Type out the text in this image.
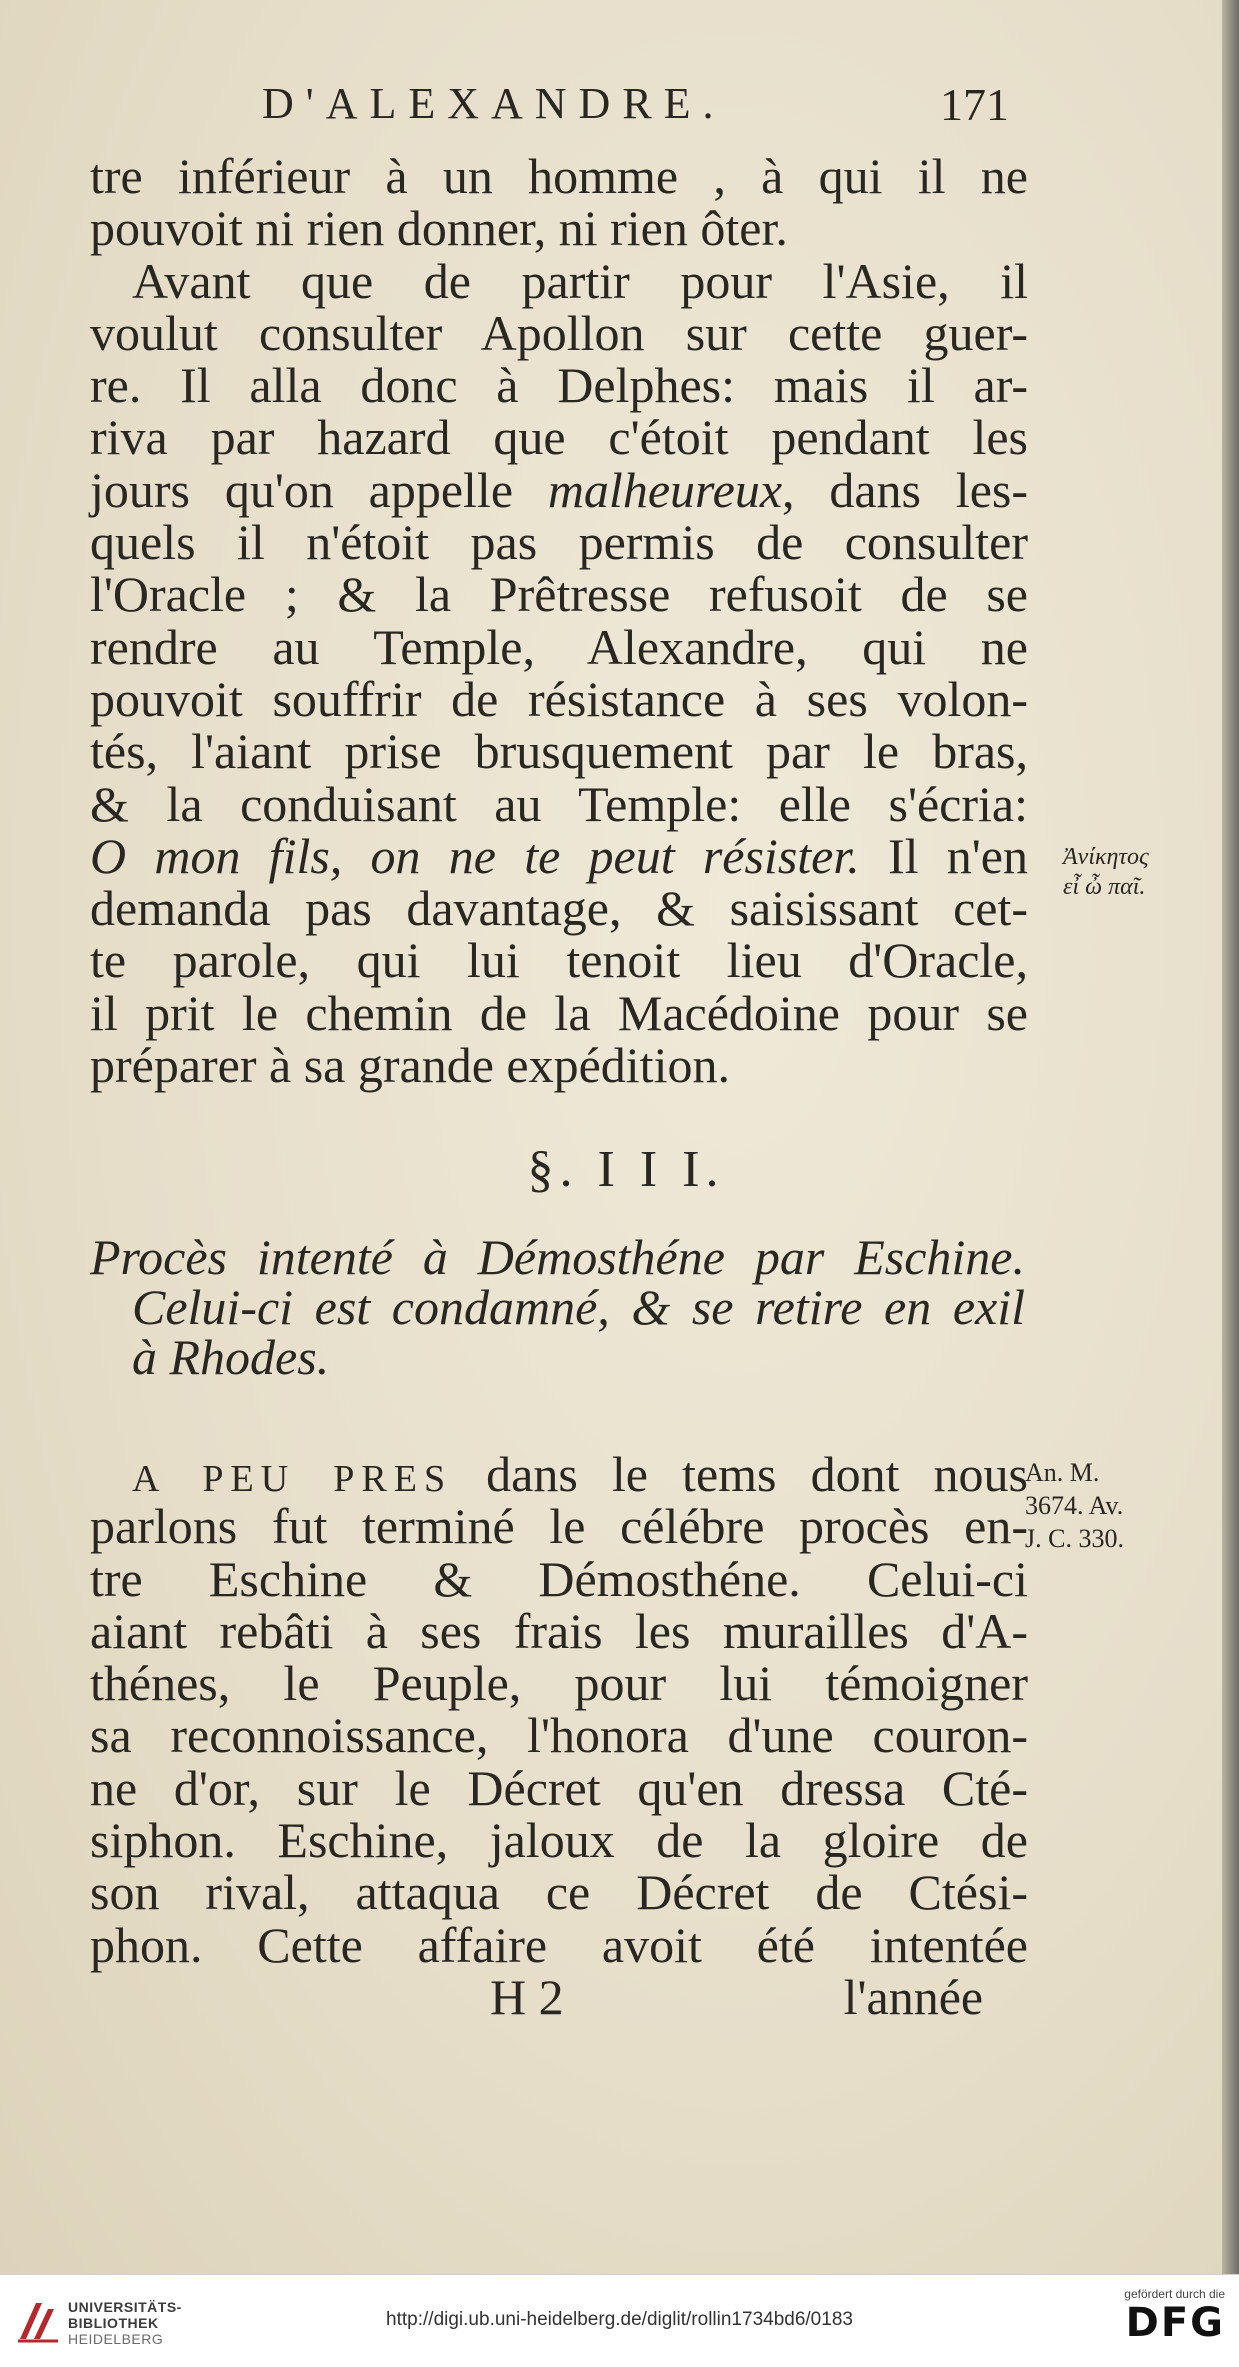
D'ALEXANDRE.	171
tre inférieur à un homme , à qui il ne
pouvoit ni rien donner, ni rien ôter.
Avant que de partir pour l'Asie, il
voulut consulter Apollon sur cette guer-
re. Il alla donc à Delphes: mais il ar-
riva par hazard que c'étoit pendant les
jours qu'on appelle malheureux, dans les-
quels il n'étoit pas permis de consulter
l'Oracle ; & la Prêtresse refusoit de se
rendre au Temple, Alexandre, qui ne
pouvoit souffrir de résistance à ses volon-
tés, l'aiant prise brusquement par le bras,
& la conduisant au Temple: elle s'écria:
O mon fils, on ne te peut résister. Il n'en
demanda pas davantage, & saisissant cet-
te parole, qui lui tenoit lieu d'Oracle,
il prit le chemin de la Macédoine pour se
préparer à sa grande expédition.
Ἀνίκητος
εἶ ὦ παῖ.
§. I I I.
Procès intenté à Démosthéne par Eschine.
Celui-ci est condamné, & se retire en exil
à Rhodes.
A PEU PRES dans le tems dont nous
parlons fut terminé le célébre procès en-
tre Eschine & Démosthéne. Celui-ci
aiant rebâti à ses frais les murailles d'A-
thénes, le Peuple, pour lui témoigner
sa reconnoissance, l'honora d'une couron-
ne d'or, sur le Décret qu'en dressa Cté-
siphon. Eschine, jaloux de la gloire de
son rival, attaqua ce Décret de Ctési-
phon. Cette affaire avoit été intentée
H 2	l'année
An. M.
3674. Av.
J. C. 330.
UNIVERSITÄTS-
BIBLIOTHEK
HEIDELBERG
http://digi.ub.uni-heidelberg.de/diglit/rollin1734bd6/0183
gefördert durch die
DFG
